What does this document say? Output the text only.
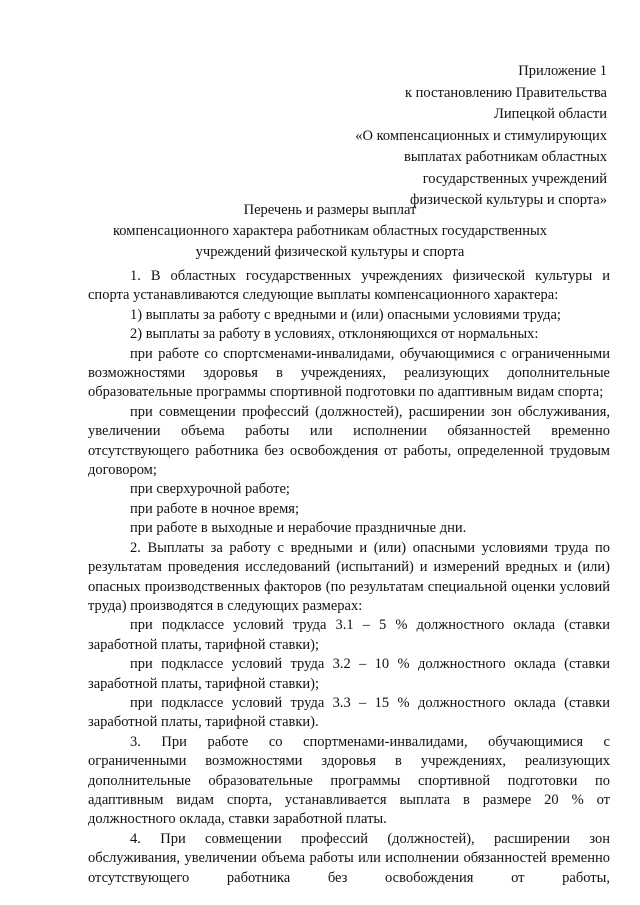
Приложение 1
к постановлению Правительства
Липецкой области
«О компенсационных и стимулирующих
выплатах работникам областных
государственных учреждений
физической культуры и спорта»
Перечень и размеры выплат
компенсационного характера работникам областных государственных
учреждений физической культуры и спорта

1. В областных государственных учреждениях физической культуры и спорта устанавливаются следующие выплаты компенсационного характера:

1) выплаты за работу с вредными и (или) опасными условиями труда;

2) выплаты за работу в условиях, отклоняющихся от нормальных:

при работе со спортсменами-инвалидами, обучающимися с ограниченными возможностями здоровья в учреждениях, реализующих дополнительные образовательные программы спортивной подготовки по адаптивным видам спорта;

при совмещении профессий (должностей), расширении зон обслуживания, увеличении объема работы или исполнении обязанностей временно отсутствующего работника без освобождения от работы, определенной трудовым договором;

при сверхурочной работе;

при работе в ночное время;

при работе в выходные и нерабочие праздничные дни.

2. Выплаты за работу с вредными и (или) опасными условиями труда по результатам проведения исследований (испытаний) и измерений вредных и (или) опасных производственных факторов (по результатам специальной оценки условий труда) производятся в следующих размерах:

при подклассе условий труда 3.1 – 5 % должностного оклада (ставки заработной платы, тарифной ставки);

при подклассе условий труда 3.2 – 10 % должностного оклада (ставки заработной платы, тарифной ставки);

при подклассе условий труда 3.3 – 15 % должностного оклада (ставки заработной платы, тарифной ставки).

3. При работе со спортменами-инвалидами, обучающимися с ограниченными возможностями здоровья в учреждениях, реализующих дополнительные образовательные программы спортивной подготовки по адаптивным видам спорта, устанавливается выплата в размере 20 % от должностного оклада, ставки заработной платы.

4. При совмещении профессий (должностей), расширении зон обслуживания, увеличении объема работы или исполнении обязанностей временно отсутствующего работника без освобождения от работы,
